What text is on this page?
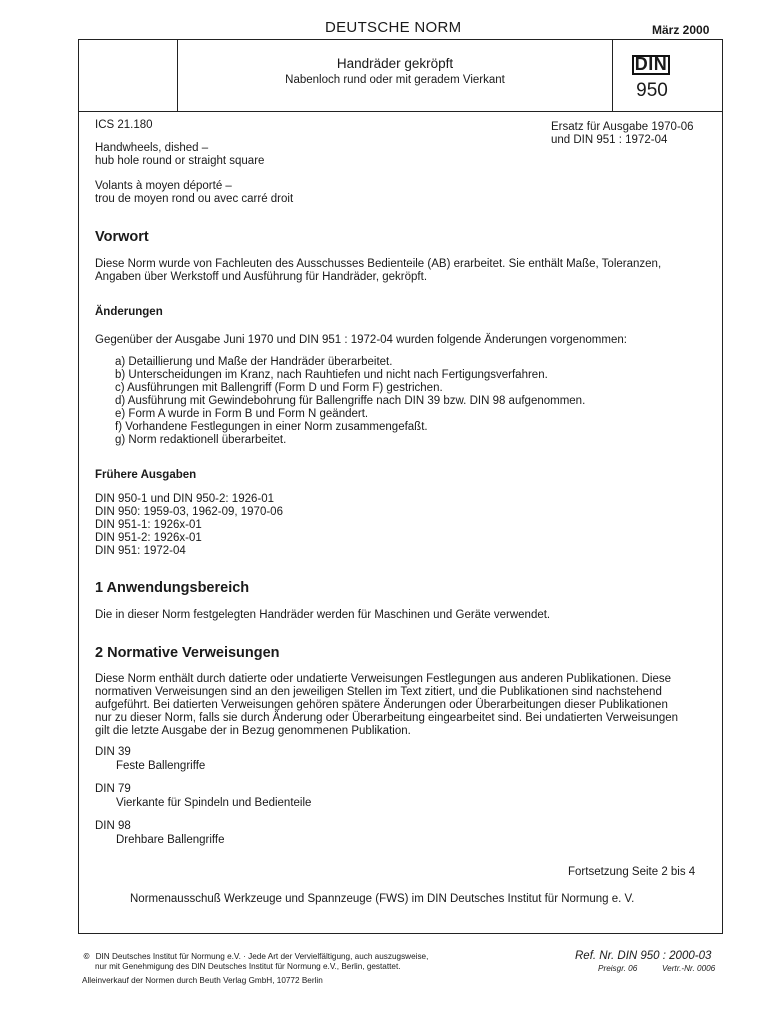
DEUTSCHE NORM	März 2000
Handräder gekröpft
Nabenloch rund oder mit geradem Vierkant
DIN
950
ICS 21.180	Ersatz für Ausgabe 1970-06
und DIN 951 : 1972-04
Handwheels, dished –
hub hole round or straight square
Volants à moyen déporté –
trou de moyen rond ou avec carré droit
Vorwort
Diese Norm wurde von Fachleuten des Ausschusses Bedienteile (AB) erarbeitet. Sie enthält Maße, Toleranzen,
Angaben über Werkstoff und Ausführung für Handräder, gekröpft.
Änderungen
Gegenüber der Ausgabe Juni 1970 und DIN 951 : 1972-04 wurden folgende Änderungen vorgenommen:
a) Detaillierung und Maße der Handräder überarbeitet.
b) Unterscheidungen im Kranz, nach Rauhtiefen und nicht nach Fertigungsverfahren.
c) Ausführungen mit Ballengriff (Form D und Form F) gestrichen.
d) Ausführung mit Gewindebohrung für Ballengriffe nach DIN 39 bzw. DIN 98 aufgenommen.
e) Form A wurde in Form B und Form N geändert.
f) Vorhandene Festlegungen in einer Norm zusammengefaßt.
g) Norm redaktionell überarbeitet.
Frühere Ausgaben
DIN 950-1 und DIN 950-2: 1926-01
DIN 950: 1959-03, 1962-09, 1970-06
DIN 951-1: 1926x-01
DIN 951-2: 1926x-01
DIN 951: 1972-04
1 Anwendungsbereich
Die in dieser Norm festgelegten Handräder werden für Maschinen und Geräte verwendet.
2 Normative Verweisungen
Diese Norm enthält durch datierte oder undatierte Verweisungen Festlegungen aus anderen Publikationen. Diese
normativen Verweisungen sind an den jeweiligen Stellen im Text zitiert, und die Publikationen sind nachstehend
aufgeführt. Bei datierten Verweisungen gehören spätere Änderungen oder Überarbeitungen dieser Publikationen
nur zu dieser Norm, falls sie durch Änderung oder Überarbeitung eingearbeitet sind. Bei undatierten Verweisungen
gilt die letzte Ausgabe der in Bezug genommenen Publikation.
DIN 39
Feste Ballengriffe
DIN 79
Vierkante für Spindeln und Bedienteile
DIN 98
Drehbare Ballengriffe
Fortsetzung Seite 2 bis 4
Normenausschuß Werkzeuge und Spannzeuge (FWS) im DIN Deutsches Institut für Normung e. V.
© DIN Deutsches Institut für Normung e.V. · Jede Art der Vervielfältigung, auch auszugsweise,
nur mit Genehmigung des DIN Deutsches Institut für Normung e.V., Berlin, gestattet.
Ref. Nr. DIN 950 : 2000-03
Preisgr. 06	Vertr.-Nr. 0006
Alleinverkauf der Normen durch Beuth Verlag GmbH, 10772 Berlin
